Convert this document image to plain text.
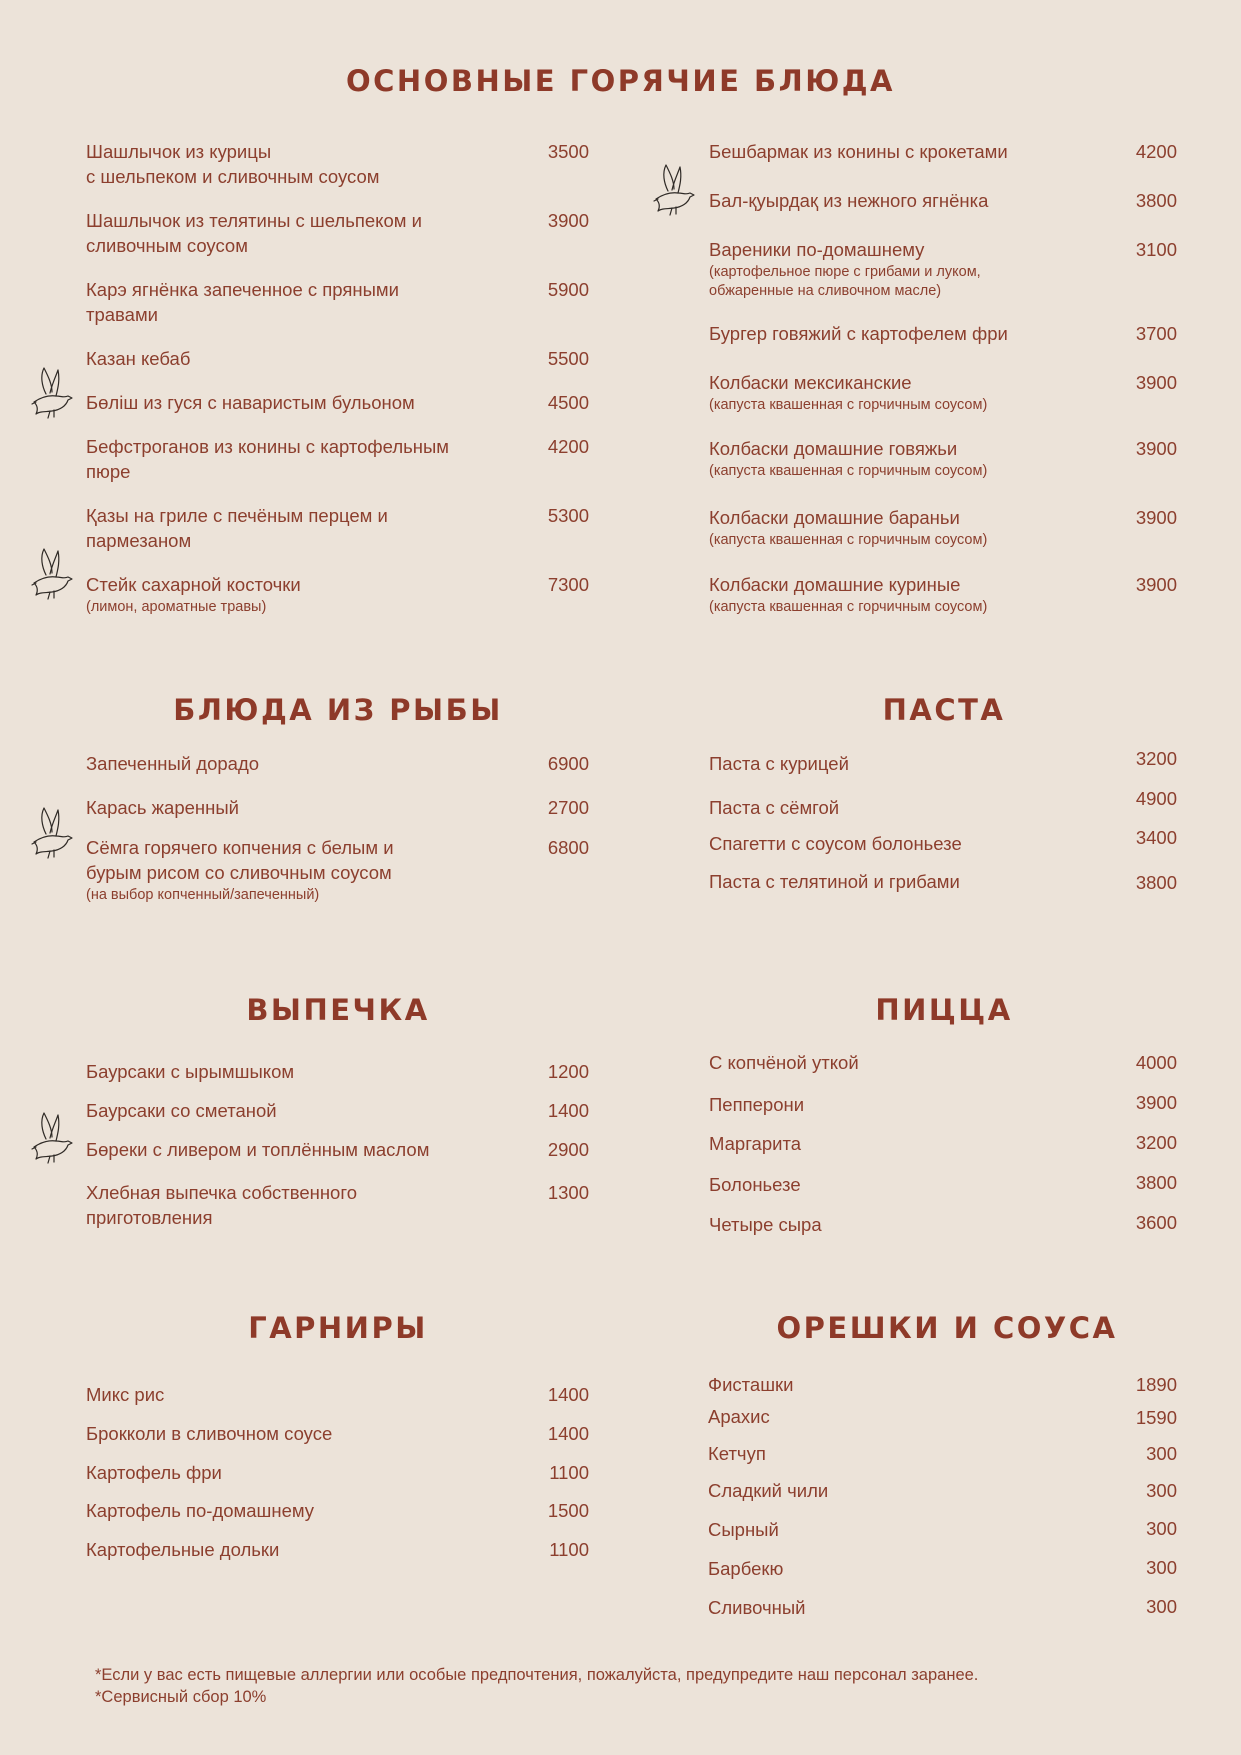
ОСНОВНЫЕ ГОРЯЧИЕ БЛЮДА
БЛЮДА ИЗ РЫБЫ	ПАСТА
ВЫПЕЧКА	ПИЦЦА
ГАРНИРЫ	ОРЕШКИ И СОУСА
Шашлычок из курицы
с шельпеком и сливочным соусом
3500
Шашлычок из телятины с шельпеком и
сливочным соусом
3900
Карэ ягнёнка запеченное с пряными
травами
5900
Казан кебаб	5500
Бөліш из гуся с наваристым бульоном	4500
Бефстроганов из конины с картофельным
пюре
4200
Қазы на гриле с печёным перцем и
пармезаном
5300
Стейк сахарной косточки
(лимон, ароматные травы)
7300
Бешбармак из конины с крокетами	4200
Бал-қуырдақ из нежного ягнёнка	3800
Вареники по-домашнему
(картофельное пюре с грибами и луком,
обжаренные на сливочном масле)
3100
Бургер говяжий с картофелем фри	3700
Колбаски мексиканские
(капуста квашенная с горчичным соусом)
3900
Колбаски домашние говяжьи
(капуста квашенная с горчичным соусом)
3900
Колбаски домашние бараньи
(капуста квашенная с горчичным соусом)
3900
Колбаски домашние куриные
(капуста квашенная с горчичным соусом)
3900
Запеченный дорадо	6900
Карась жаренный	2700
Сёмга горячего копчения с белым и
бурым рисом со сливочным соусом
(на выбор копченный/запеченный)
6800
Паста с курицей	3200
Паста с сёмгой	4900
Спагетти с соусом болоньезе	3400
Паста с телятиной и грибами	3800
Баурсаки с ырымшыком	1200
Баурсаки со сметаной	1400
Бөреки с ливером и топлённым маслом	2900
Хлебная выпечка собственного
приготовления
1300
С копчёной уткой	4000
Пепперони	3900
Маргарита	3200
Болоньезе	3800
Четыре сыра	3600
Микс рис	1400
Брокколи в сливочном соусе	1400
Картофель фри	1100
Картофель по-домашнему	1500
Картофельные дольки	1100
Фисташки	1890
Арахис	1590
Кетчуп	300
Сладкий чили	300
Сырный	300
Барбекю	300
Сливочный	300
*Если у вас есть пищевые аллергии или особые предпочтения, пожалуйста, предупредите наш персонал заранее.
*Сервисный сбор 10%
